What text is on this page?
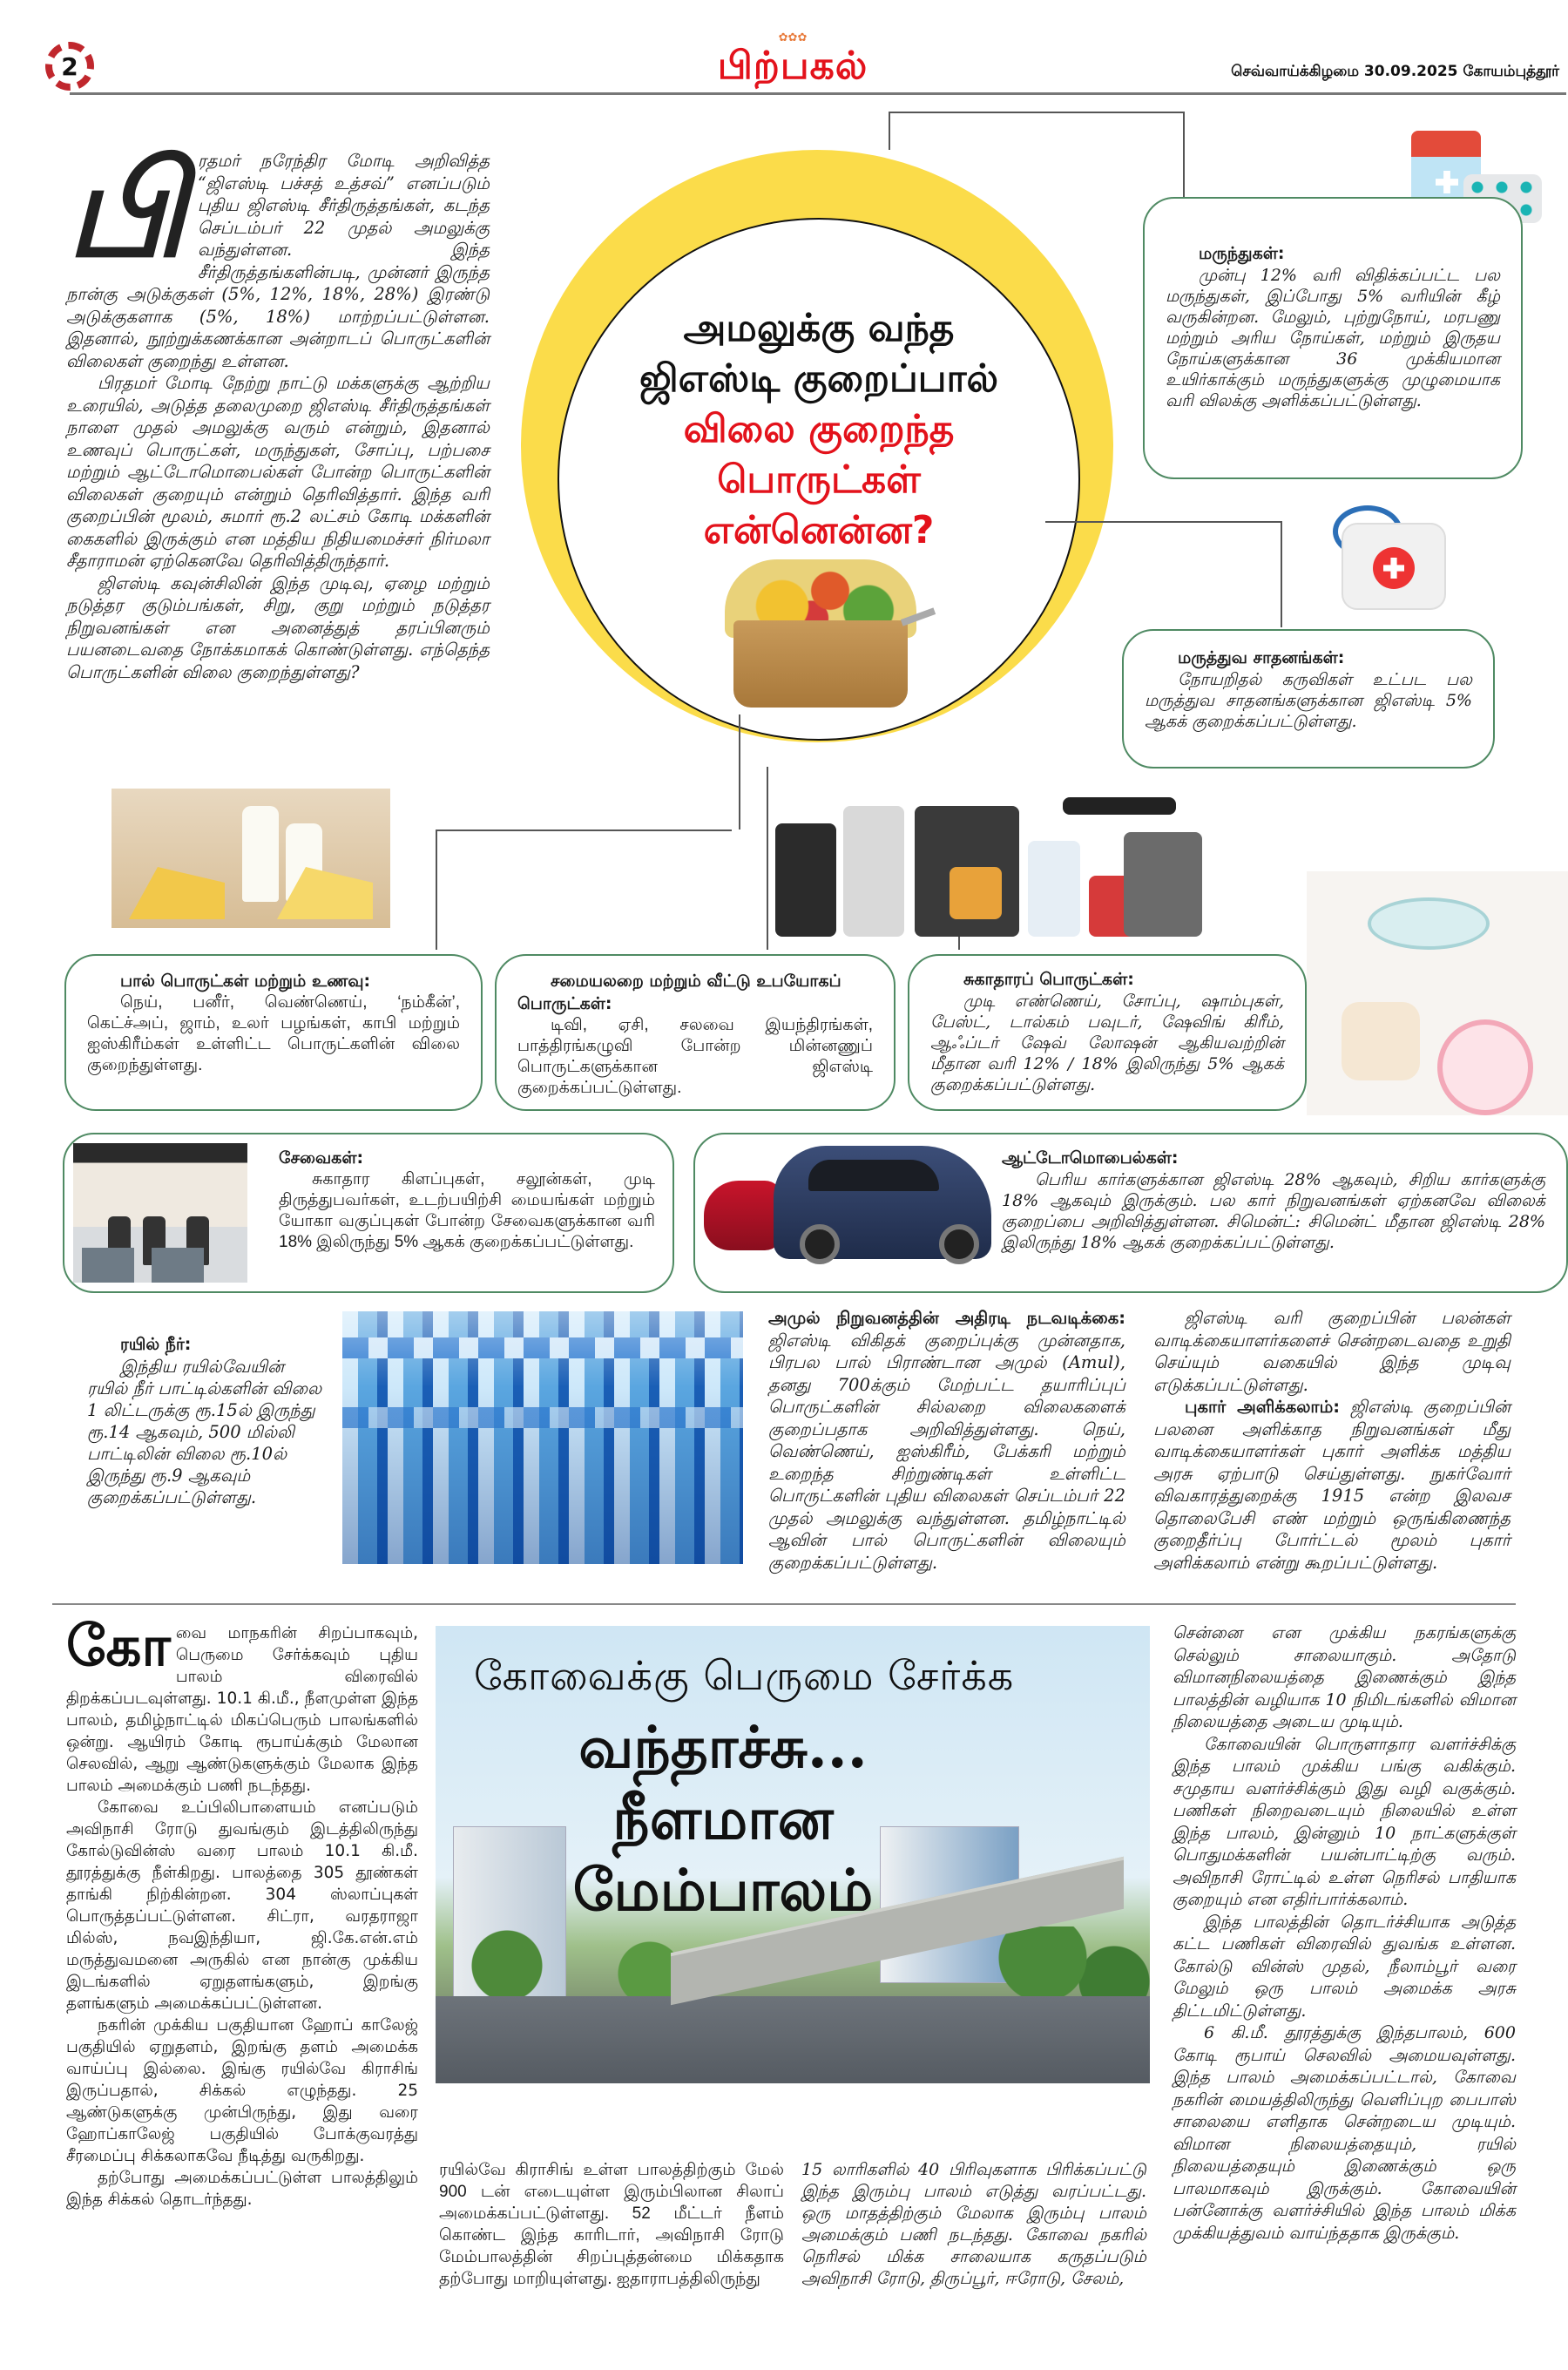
2
✿✿✿
பிற்பகல்	செவ்வாய்க்கிழமை 30.09.2025 கோயம்புத்தூர்
பி ரதமர் நரேந்திர மோடி அறிவித்த “ஜிஎஸ்டி பச்சத் உத்சவ்” எனப்படும் புதிய ஜிஎஸ்டி சீர்திருத்தங்கள், கடந்த செப்டம்பர் 22 முதல் அமலுக்கு வந்துள்ளன. இந்த சீர்திருத்தங்களின்படி, முன்னர் இருந்த நான்கு அடுக்குகள் (5%, 12%, 18%, 28%) இரண்டு அடுக்குகளாக (5%, 18%) மாற்றப்பட்டுள்ளன. இதனால், நூற்றுக்கணக்கான அன்றாடப் பொருட்களின் விலைகள் குறைந்து உள்ளன.

பிரதமர் மோடி நேற்று நாட்டு மக்களுக்கு ஆற்றிய உரையில், அடுத்த தலைமுறை ஜிஎஸ்டி சீர்திருத்தங்கள் நாளை முதல் அமலுக்கு வரும் என்றும், இதனால் உணவுப் பொருட்கள், மருந்துகள், சோப்பு, பற்பசை மற்றும் ஆட்டோமொபைல்கள் போன்ற பொருட்களின் விலைகள் குறையும் என்றும் தெரிவித்தார். இந்த வரி குறைப்பின் மூலம், சுமார் ரூ.2 லட்சம் கோடி மக்களின் கைகளில் இருக்கும் என மத்திய நிதியமைச்சர் நிர்மலா சீதாராமன் ஏற்கெனவே தெரிவித்திருந்தார்.

ஜிஎஸ்டி கவுன்சிலின் இந்த முடிவு, ஏழை மற்றும் நடுத்தர குடும்பங்கள், சிறு, குறு மற்றும் நடுத்தர நிறுவனங்கள் என அனைத்துத் தரப்பினரும் பயனடைவதை நோக்கமாகக் கொண்டுள்ளது. எந்தெந்த பொருட்களின் விலை குறைந்துள்ளது?

அமலுக்கு வந்த
ஜிஎஸ்டி குறைப்பால்
விலை குறைந்த
பொருட்கள்
என்னென்ன?
மருந்துகள்:
முன்பு 12% வரி விதிக்கப்பட்ட பல மருந்துகள், இப்போது 5% வரியின் கீழ் வருகின்றன. மேலும், புற்றுநோய், மரபணு மற்றும் அரிய நோய்கள், மற்றும் இருதய நோய்களுக்கான 36 முக்கியமான உயிர்காக்கும் மருந்துகளுக்கு முழுமையாக வரி விலக்கு அளிக்கப்பட்டுள்ளது.
மருத்துவ சாதனங்கள்:
நோயறிதல் கருவிகள் உட்பட பல மருத்துவ சாதனங்களுக்கான ஜிஎஸ்டி 5% ஆகக் குறைக்கப்பட்டுள்ளது.
பால் பொருட்கள் மற்றும் உணவு:
நெய், பனீர், வெண்ணெய், ‘நம்கீன்’, கெட்ச்அப், ஜாம், உலர் பழங்கள், காபி மற்றும் ஐஸ்கிரீம்கள் உள்ளிட்ட பொருட்களின் விலை குறைந்துள்ளது.
சமையலறை மற்றும் வீட்டு உபயோகப் பொருட்கள்:
டிவி, ஏசி, சலவை இயந்திரங்கள், பாத்திரங்கழுவி போன்ற மின்னணுப் பொருட்களுக்கான ஜிஎஸ்டி குறைக்கப்பட்டுள்ளது.
சுகாதாரப் பொருட்கள்:
முடி எண்ணெய், சோப்பு, ஷாம்புகள், பேஸ்ட், டால்கம் பவுடர், ஷேவிங் கிரீம், ஆஃப்டர் ஷேவ் லோஷன் ஆகியவற்றின் மீதான வரி 12% / 18% இலிருந்து 5% ஆகக் குறைக்கப்பட்டுள்ளது.
சேவைகள்:
சுகாதார கிளப்புகள், சலூன்கள், முடி திருத்துபவர்கள், உடற்பயிற்சி மையங்கள் மற்றும் யோகா வகுப்புகள் போன்ற சேவைகளுக்கான வரி 18% இலிருந்து 5% ஆகக் குறைக்கப்பட்டுள்ளது.
ஆட்டோமொபைல்கள்:
பெரிய கார்களுக்கான ஜிஎஸ்டி 28% ஆகவும், சிறிய கார்களுக்கு 18% ஆகவும் இருக்கும். பல கார் நிறுவனங்கள் ஏற்கனவே விலைக் குறைப்பை அறிவித்துள்ளன. சிமென்ட்: சிமென்ட் மீதான ஜிஎஸ்டி 28% இலிருந்து 18% ஆகக் குறைக்கப்பட்டுள்ளது.
ரயில் நீர்:
இந்திய ரயில்வேயின் ரயில் நீர் பாட்டில்களின் விலை 1 லிட்டருக்கு ரூ.15ல் இருந்து ரூ.14 ஆகவும், 500 மில்லி பாட்டிலின் விலை ரூ.10ல் இருந்து ரூ.9 ஆகவும் குறைக்கப்பட்டுள்ளது.

அமுல் நிறுவனத்தின் அதிரடி நடவடிக்கை: ஜிஎஸ்டி விகிதக் குறைப்புக்கு முன்னதாக, பிரபல பால் பிராண்டான அமுல் (Amul), தனது 700க்கும் மேற்பட்ட தயாரிப்புப் பொருட்களின் சில்லறை விலைகளைக் குறைப்பதாக அறிவித்துள்ளது. நெய், வெண்ணெய், ஐஸ்கிரீம், பேக்கரி மற்றும் உறைந்த சிற்றுண்டிகள் உள்ளிட்ட பொருட்களின் புதிய விலைகள் செப்டம்பர் 22 முதல் அமலுக்கு வந்துள்ளன. தமிழ்நாட்டில் ஆவின் பால் பொருட்களின் விலையும் குறைக்கப்பட்டுள்ளது.

ஜிஎஸ்டி வரி குறைப்பின் பலன்கள் வாடிக்கையாளர்களைச் சென்றடைவதை உறுதி செய்யும் வகையில் இந்த முடிவு எடுக்கப்பட்டுள்ளது.

புகார் அளிக்கலாம்: ஜிஎஸ்டி குறைப்பின் பலனை அளிக்காத நிறுவனங்கள் மீது வாடிக்கையாளர்கள் புகார் அளிக்க மத்திய அரசு ஏற்பாடு செய்துள்ளது. நுகர்வோர் விவகாரத்துறைக்கு 1915 என்ற இலவச தொலைபேசி எண் மற்றும் ஒருங்கிணைந்த குறைதீர்ப்பு போர்ட்டல் மூலம் புகார் அளிக்கலாம் என்று கூறப்பட்டுள்ளது.

கோ வை மாநகரின் சிறப்பாகவும், பெருமை சேர்க்கவும் புதிய பாலம் விரைவில் திறக்கப்படவுள்ளது. 10.1 கி.மீ., நீளமுள்ள இந்த பாலம், தமிழ்நாட்டில் மிகப்பெரும் பாலங்களில் ஒன்று. ஆயிரம் கோடி ரூபாய்க்கும் மேலான செலவில், ஆறு ஆண்டுகளுக்கும் மேலாக இந்த பாலம் அமைக்கும் பணி நடந்தது.

கோவை உப்பிலிபாளையம் எனப்படும் அவிநாசி ரோடு துவங்கும் இடத்திலிருந்து கோல்டுவின்ஸ் வரை பாலம் 10.1 கி.மீ. தூரத்துக்கு நீள்கிறது. பாலத்தை 305 தூண்கள் தாங்கி நிற்கின்றன. 304 ஸ்லாப்புகள் பொருத்தப்பட்டுள்ளன. சிட்ரா, வரதராஜா மில்ஸ், நவஇந்தியா, ஜி.கே.என்.எம் மருத்துவமனை அருகில் என நான்கு முக்கிய இடங்களில் ஏறுதளங்களும், இறங்கு தளங்களும் அமைக்கப்பட்டுள்ளன.

நகரின் முக்கிய பகுதியான ஹோப் காலேஜ் பகுதியில் ஏறுதளம், இறங்கு தளம் அமைக்க வாய்ப்பு இல்லை. இங்கு ரயில்வே கிராசிங் இருப்பதால், சிக்கல் எழுந்தது. 25 ஆண்டுகளுக்கு முன்பிருந்து, இது வரை ஹோப்காலேஜ் பகுதியில் போக்குவரத்து சீரமைப்பு சிக்கலாகவே நீடித்து வருகிறது.

தற்போது அமைக்கப்பட்டுள்ள பாலத்திலும் இந்த சிக்கல் தொடர்ந்தது.

கோவைக்கு பெருமை சேர்க்க
வந்தாச்சு...
நீளமான
மேம்பாலம்

ரயில்வே கிராசிங் உள்ள பாலத்திற்கும் மேல் 900 டன் எடையுள்ள இரும்பிலான சிலாப் அமைக்கப்பட்டுள்ளது. 52 மீட்டர் நீளம் கொண்ட இந்த காரிடார், அவிநாசி ரோடு மேம்பாலத்தின் சிறப்புத்தன்மை மிக்கதாக தற்போது மாறியுள்ளது. ஐதாராபத்திலிருந்து

15 லாரிகளில் 40 பிரிவுகளாக பிரிக்கப்பட்டு இந்த இரும்பு பாலம் எடுத்து வரப்பட்டது. ஒரு மாதத்திற்கும் மேலாக இரும்பு பாலம் அமைக்கும் பணி நடந்தது. கோவை நகரில் நெரிசல் மிக்க சாலையாக கருதப்படும் அவிநாசி ரோடு, திருப்பூர், ஈரோடு, சேலம்,

சென்னை என முக்கிய நகரங்களுக்கு செல்லும் சாலையாகும். அதோடு விமானநிலையத்தை இணைக்கும் இந்த பாலத்தின் வழியாக 10 நிமிடங்களில் விமான நிலையத்தை அடைய முடியும்.

கோவையின் பொருளாதார வளர்ச்சிக்கு இந்த பாலம் முக்கிய பங்கு வகிக்கும். சமுதாய வளர்ச்சிக்கும் இது வழி வகுக்கும். பணிகள் நிறைவடையும் நிலையில் உள்ள இந்த பாலம், இன்னும் 10 நாட்களுக்குள் பொதுமக்களின் பயன்பாட்டிற்கு வரும். அவிநாசி ரோட்டில் உள்ள நெரிசல் பாதியாக குறையும் என எதிர்பார்க்கலாம்.

இந்த பாலத்தின் தொடர்ச்சியாக அடுத்த கட்ட பணிகள் விரைவில் துவங்க உள்ளன. கோல்டு வின்ஸ் முதல், நீலாம்பூர் வரை மேலும் ஒரு பாலம் அமைக்க அரசு திட்டமிட்டுள்ளது.

6 கி.மீ. தூரத்துக்கு இந்தபாலம், 600 கோடி ரூபாய் செலவில் அமையவுள்ளது. இந்த பாலம் அமைக்கப்பட்டால், கோவை நகரின் மையத்திலிருந்து வெளிப்புற பைபாஸ் சாலையை எளிதாக சென்றடைய முடியும். விமான நிலையத்தையும், ரயில் நிலையத்தையும் இணைக்கும் ஒரு பாலமாகவும் இருக்கும். கோவையின் பன்னோக்கு வளர்ச்சியில் இந்த பாலம் மிக்க முக்கியத்துவம் வாய்ந்ததாக இருக்கும்.
